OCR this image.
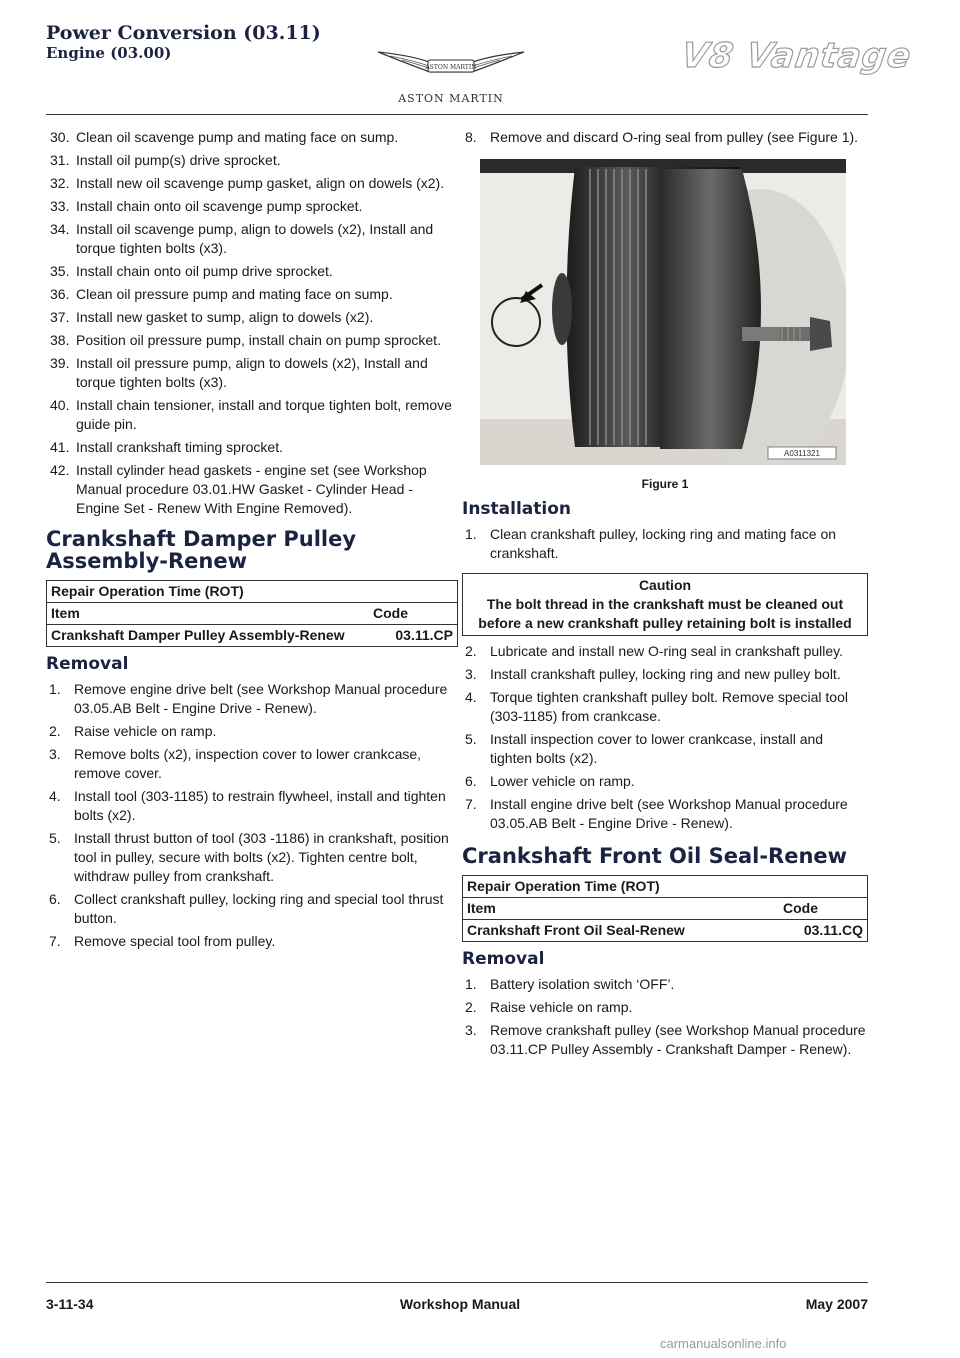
Power Conversion (03.11)
Engine (03.00)
ASTON MARTIN
ASTON MARTIN
V8 Vantage
30. Clean oil scavenge pump and mating face on sump.
31. Install oil pump(s) drive sprocket.
32. Install new oil scavenge pump gasket, align on dowels (x2).
33. Install chain onto oil scavenge pump sprocket.
34. Install oil scavenge pump, align to dowels (x2), Install and torque tighten bolts (x3).
35. Install chain onto oil pump drive sprocket.
36. Clean oil pressure pump and mating face on sump.
37. Install new gasket to sump, align to dowels (x2).
38. Position oil pressure pump, install chain on pump sprocket.
39. Install oil pressure pump, align to dowels (x2), Install and torque tighten bolts (x3).
40. Install chain tensioner, install and torque tighten bolt, remove guide pin.
41. Install crankshaft timing sprocket.
42. Install cylinder head gaskets - engine set (see Workshop Manual procedure 03.01.HW Gasket - Cylinder Head - Engine Set - Renew With Engine Removed).
Crankshaft Damper Pulley Assembly-Renew
Repair Operation Time (ROT)	
Item	Code
Crankshaft Damper Pulley Assembly-Renew	03.11.CP
Removal
1. Remove engine drive belt (see Workshop Manual procedure 03.05.AB Belt - Engine Drive - Renew).
2. Raise vehicle on ramp.
3. Remove bolts (x2), inspection cover to lower crankcase, remove cover.
4. Install tool (303-1185) to restrain flywheel, install and tighten bolts (x2).
5. Install thrust button of tool (303 -1186) in crankshaft, position tool in pulley, secure with bolts (x2). Tighten centre bolt, withdraw pulley from crankshaft.
6. Collect crankshaft pulley, locking ring and special tool thrust button.
7. Remove special tool from pulley.
8. Remove and discard O-ring seal from pulley (see Figure 1).
A0311321
Figure 1
Installation
1. Clean crankshaft pulley, locking ring and mating face on crankshaft.
Caution
The bolt thread in the crankshaft must be cleaned out before a new crankshaft pulley retaining bolt is installed
2. Lubricate and install new O-ring seal in crankshaft pulley.
3. Install crankshaft pulley, locking ring and new pulley bolt.
4. Torque tighten crankshaft pulley bolt. Remove special tool (303-1185) from crankcase.
5. Install inspection cover to lower crankcase, install and tighten bolts (x2).
6. Lower vehicle on ramp.
7. Install engine drive belt (see Workshop Manual procedure 03.05.AB Belt - Engine Drive - Renew).
Crankshaft Front Oil Seal-Renew
Repair Operation Time (ROT)	
Item	Code
Crankshaft Front Oil Seal-Renew	03.11.CQ
Removal
1. Battery isolation switch ‘OFF’.
2. Raise vehicle on ramp.
3. Remove crankshaft pulley (see Workshop Manual procedure 03.11.CP Pulley Assembly - Crankshaft Damper - Renew).
3-11-34	Workshop Manual	May 2007
carmanualsonline.info
